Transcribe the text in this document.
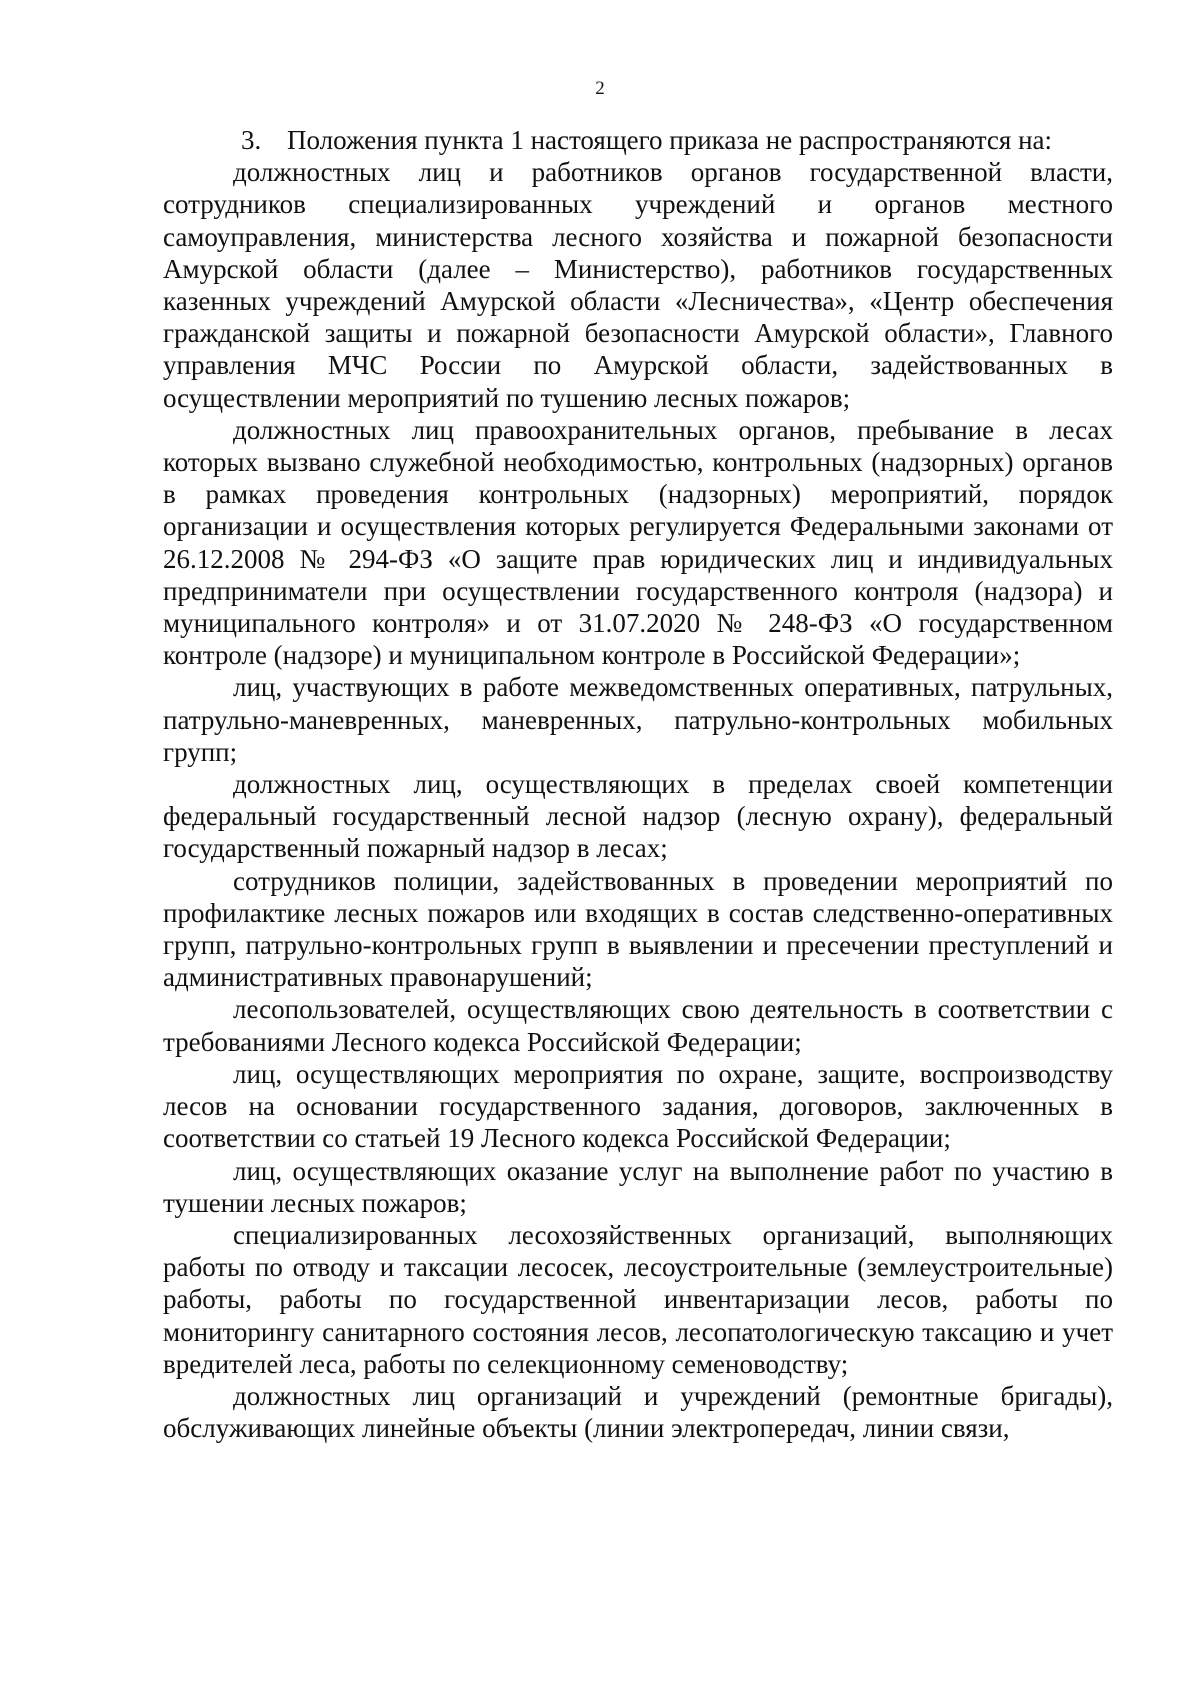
2

3. Положения пункта 1 настоящего приказа не распространяются на:

должностных лиц и работников органов государственной власти, сотрудников специализированных учреждений и органов местного самоуправления, министерства лесного хозяйства и пожарной безопасности Амурской области (далее – Министерство), работников государственных казенных учреждений Амурской области «Лесничества», «Центр обеспечения гражданской защиты и пожарной безопасности Амурской области», Главного управления МЧС России по Амурской области, задействованных в осуществлении мероприятий по тушению лесных пожаров;

должностных лиц правоохранительных органов, пребывание в лесах которых вызвано служебной необходимостью, контрольных (надзорных) органов в рамках проведения контрольных (надзорных) мероприятий, порядок организации и осуществления которых регулируется Федеральными законами от 26.12.2008 № 294-ФЗ «О защите прав юридических лиц и индивидуальных предприниматели при осуществлении государственного контроля (надзора) и муниципального контроля» и от 31.07.2020 № 248-ФЗ «О государственном контроле (надзоре) и муниципальном контроле в Российской Федерации»;

лиц, участвующих в работе межведомственных оперативных, патрульных, патрульно-маневренных, маневренных, патрульно-контрольных мобильных групп;

должностных лиц, осуществляющих в пределах своей компетенции федеральный государственный лесной надзор (лесную охрану), федеральный государственный пожарный надзор в лесах;

сотрудников полиции, задействованных в проведении мероприятий по профилактике лесных пожаров или входящих в состав следственно-оперативных групп, патрульно-контрольных групп в выявлении и пресечении преступлений и административных правонарушений;

лесопользователей, осуществляющих свою деятельность в соответствии с требованиями Лесного кодекса Российской Федерации;

лиц, осуществляющих мероприятия по охране, защите, воспроизводству лесов на основании государственного задания, договоров, заключенных в соответствии со статьей 19 Лесного кодекса Российской Федерации;

лиц, осуществляющих оказание услуг на выполнение работ по участию в тушении лесных пожаров;

специализированных лесохозяйственных организаций, выполняющих работы по отводу и таксации лесосек, лесоустроительные (землеустроительные) работы, работы по государственной инвентаризации лесов, работы по мониторингу санитарного состояния лесов, лесопатологическую таксацию и учет вредителей леса, работы по селекционному семеноводству;

должностных лиц организаций и учреждений (ремонтные бригады), обслуживающих линейные объекты (линии электропередач, линии связи,
